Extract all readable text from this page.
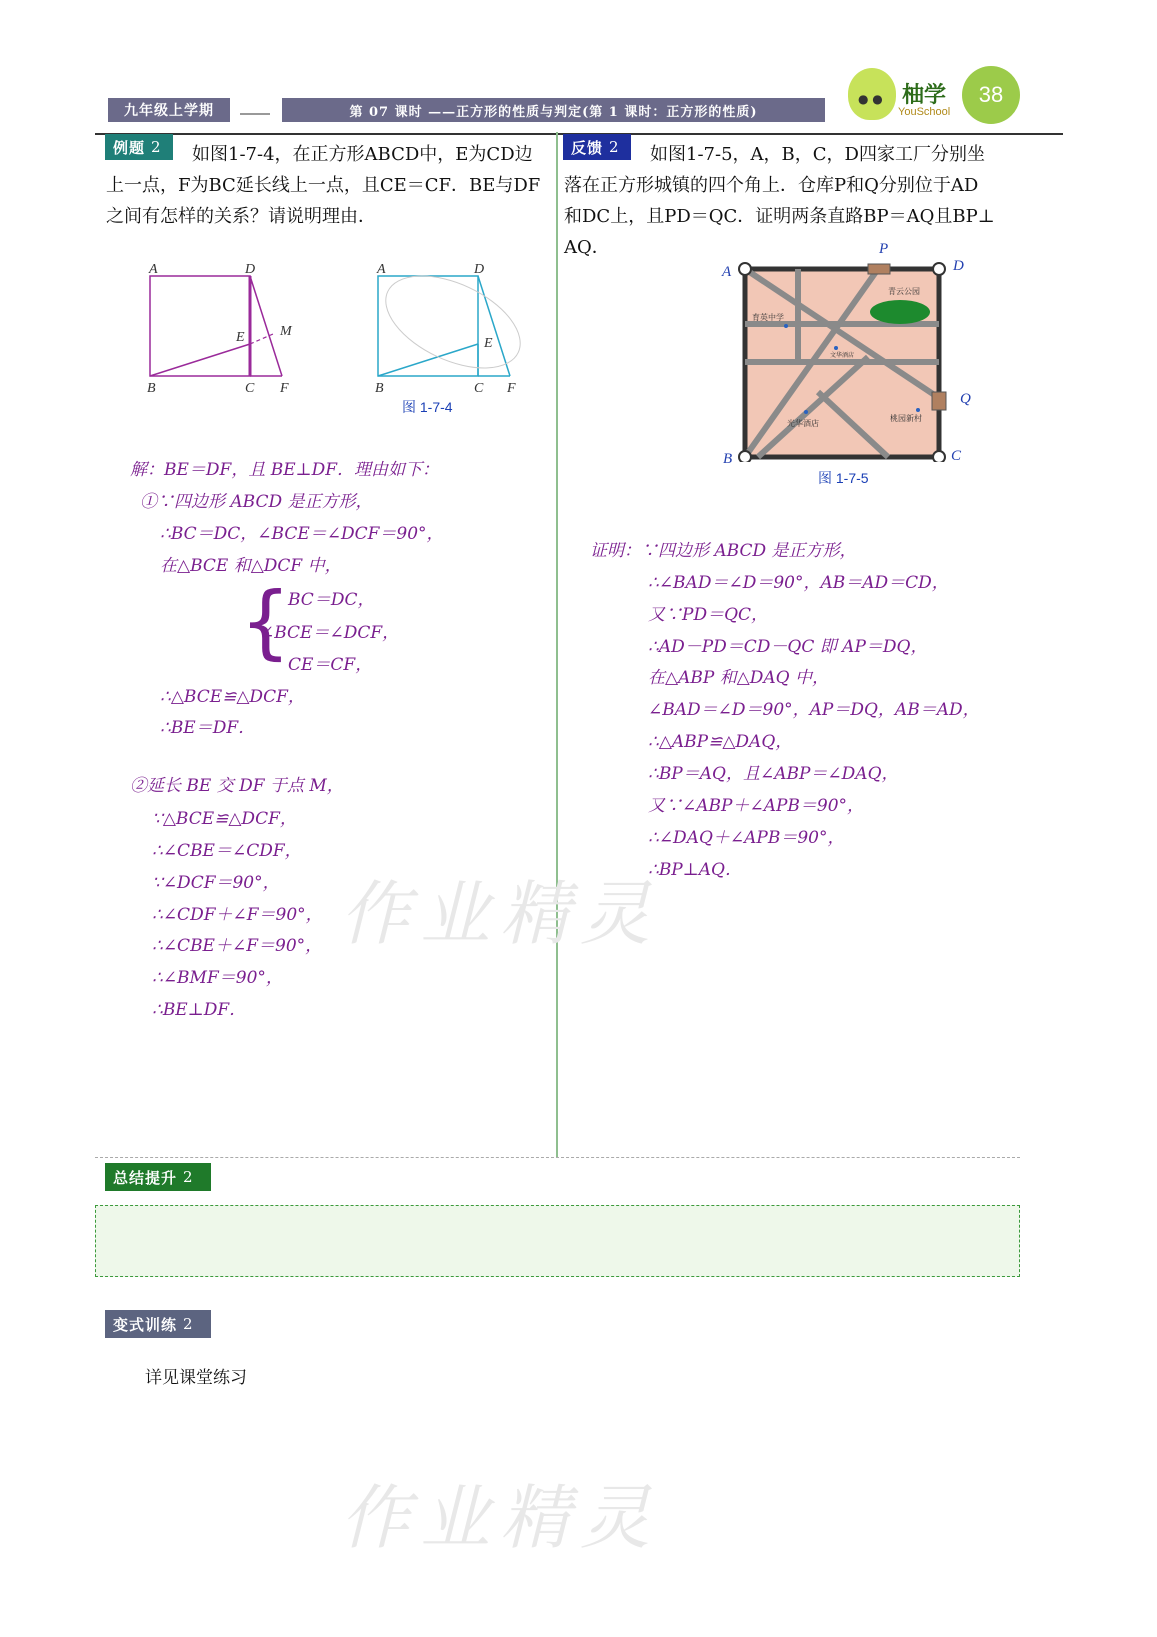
九年级上学期	第 07 课时 ——正方形的性质与判定(第 1 课时：正方形的性质)
● ● 柚学
YouSchool
38
例题 2	如图1-7-4，在正方形ABCD中，E为CD边
上一点，F为BC延长线上一点，且CE＝CF．BE与DF
之间有怎样的关系？请说明理由．
A	D
E	M
B	C F
A	D
E
B	C F
图 1-7-4
解：BE＝DF，且 BE⊥DF．理由如下：
①∵四边形 ABCD 是正方形，
∴BC＝DC，∠BCE＝∠DCF＝90°，
在△BCE 和△DCF 中，
{
BC＝DC，
∠BCE＝∠DCF，
CE＝CF，
∴△BCE≌△DCF，
∴BE＝DF．
②延长 BE 交 DF 于点 M，
∵△BCE≌△DCF，
∴∠CBE＝∠CDF，
∵∠DCF＝90°，
∴∠CDF＋∠F＝90°，
∴∠CBE＋∠F＝90°，
∴∠BMF＝90°，
∴BE⊥DF．
反馈 2	如图1-7-5，A，B，C，D四家工厂分别坐
落在正方形城镇的四个角上．仓库P和Q分别位于AD
和DC上，且PD＝QC．证明两条直路BP＝AQ且BP⊥
AQ．
A
P
D
Q
B	C
青云公园
育英中学
文华酒店
光华酒店
桃园新村
图 1-7-5
证明：∵四边形 ABCD 是正方形，
∴∠BAD＝∠D＝90°，AB＝AD＝CD，
又∵PD＝QC，
∴AD－PD＝CD－QC 即 AP＝DQ，
在△ABP 和△DAQ 中，
∠BAD＝∠D＝90°，AP＝DQ，AB＝AD，
∴△ABP≌△DAQ，
∴BP＝AQ，且∠ABP＝∠DAQ，
又∵∠ABP＋∠APB＝90°，
∴∠DAQ＋∠APB＝90°，
∴BP⊥AQ．
作业精灵
作业精灵
总结提升 2
变式训练 2
详见课堂练习
